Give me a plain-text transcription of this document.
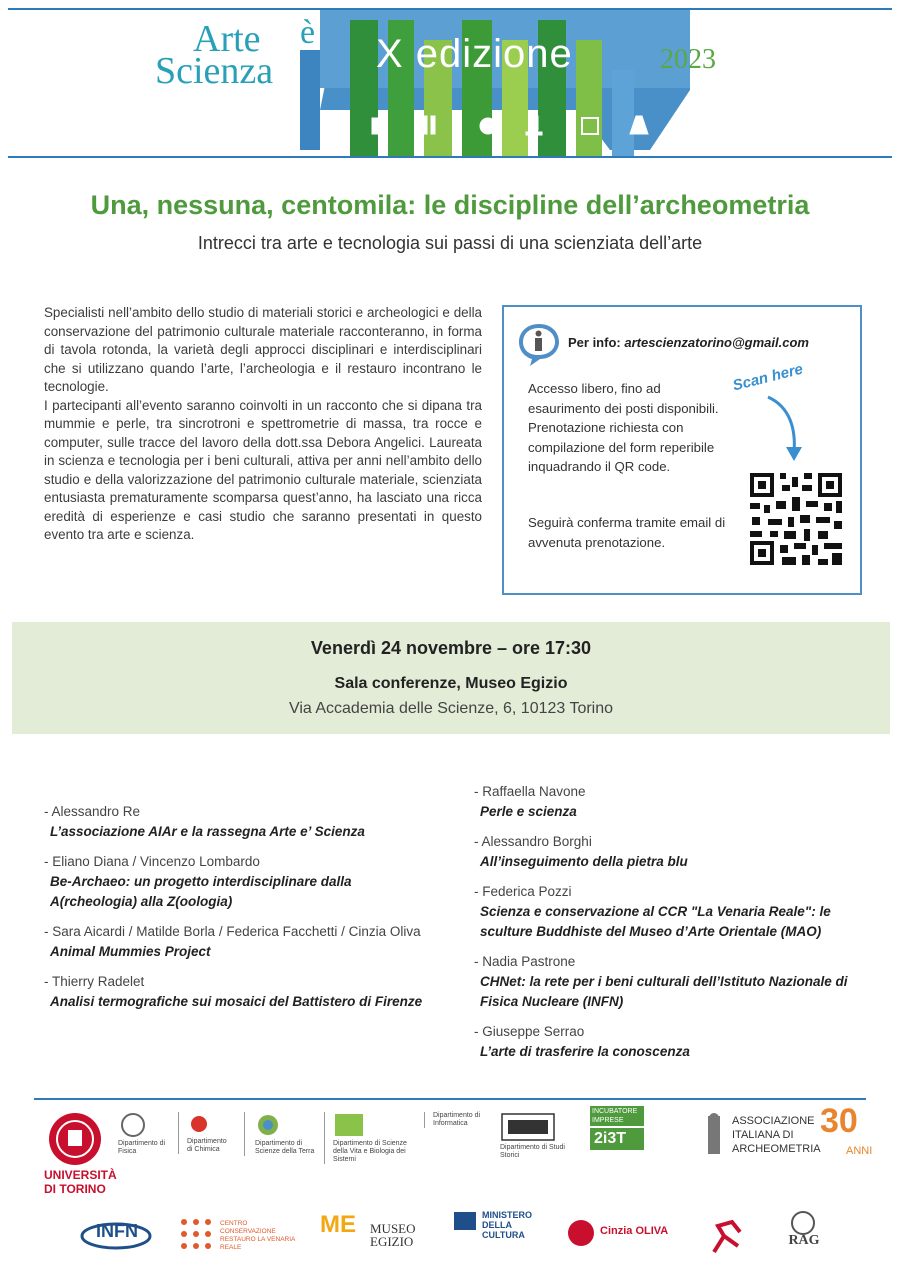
X edizione
Arte è
Scienza	2023
Una, nessuna, centomila: le discipline dell’archeometria
Intrecci tra arte e tecnologia sui passi di una scienziata dell’arte

Specialisti nell’ambito dello studio di materiali storici e archeologici e della conservazione del patrimonio culturale materiale racconteranno, in forma di tavola rotonda, la varietà degli approcci disciplinari e interdisciplinari che si utilizzano quando l’arte, l’archeologia e il restauro incontrano le tecnologie.

I partecipanti all’evento saranno coinvolti in un racconto che si dipana tra mummie e perle, tra sincrotroni e spettrometrie di massa, tra rocce e computer, sulle tracce del lavoro della dott.ssa Debora Angelici. Laureata in scienza e tecnologia per i beni culturali, attiva per anni nell’ambito dello studio e della valorizzazione del patrimonio culturale materiale, scienziata entusiasta prematuramente scomparsa quest’anno, ha lasciato una ricca eredità di esperienze e casi studio che saranno presentati in questo evento tra arte e scienza.

Per info: artescienzatorino@gmail.com
Accesso libero, fino ad esaurimento dei posti disponibili. Prenotazione richiesta con compilazione del form reperibile inquadrando il QR code.
Seguirà conferma tramite email di avvenuta prenotazione.
Scan here
Venerdì 24 novembre – ore 17:30
Sala conferenze, Museo Egizio
Via Accademia delle Scienze, 6, 10123 Torino
- Alessandro Re
L’associazione AIAr e la rassegna Arte e’ Scienza
- Eliano Diana / Vincenzo Lombardo
Be-Archaeo: un progetto interdisciplinare dalla A(rcheologia) alla Z(oologia)
- Sara Aicardi / Matilde Borla / Federica Facchetti / Cinzia Oliva
Animal Mummies Project
- Thierry Radelet
Analisi termografiche sui mosaici del Battistero di Firenze
- Raffaella Navone
Perle e scienza
- Alessandro Borghi
All’inseguimento della pietra blu
- Federica Pozzi
Scienza e conservazione al CCR "La Venaria Reale": le sculture Buddhiste del Museo d’Arte Orientale (MAO)
- Nadia Pastrone
CHNet: la rete per i beni culturali dell’Istituto Nazionale di Fisica Nucleare (INFN)
- Giuseppe Serrao
L’arte di trasferire la conoscenza
UNIVERSITÀ
DI TORINO
Dipartimento di Fisica
Dipartimento di Chimica
Dipartimento di Scienze della Terra
Dipartimento di Scienze della Vita e Biologia dei Sistemi
Dipartimento di Informatica
Dipartimento di Studi Storici
INCUBATORE IMPRESE
2i3T
ASSOCIAZIONE
ITALIANA DI
ARCHEOMETRIA
30
ANNI
INFN	CENTRO CONSERVAZIONE RESTAURO LA VENARIA REALE
ME MUSEO
EGIZIO
MINISTERO DELLA CULTURA	Cinzia OLIVA
RAG
